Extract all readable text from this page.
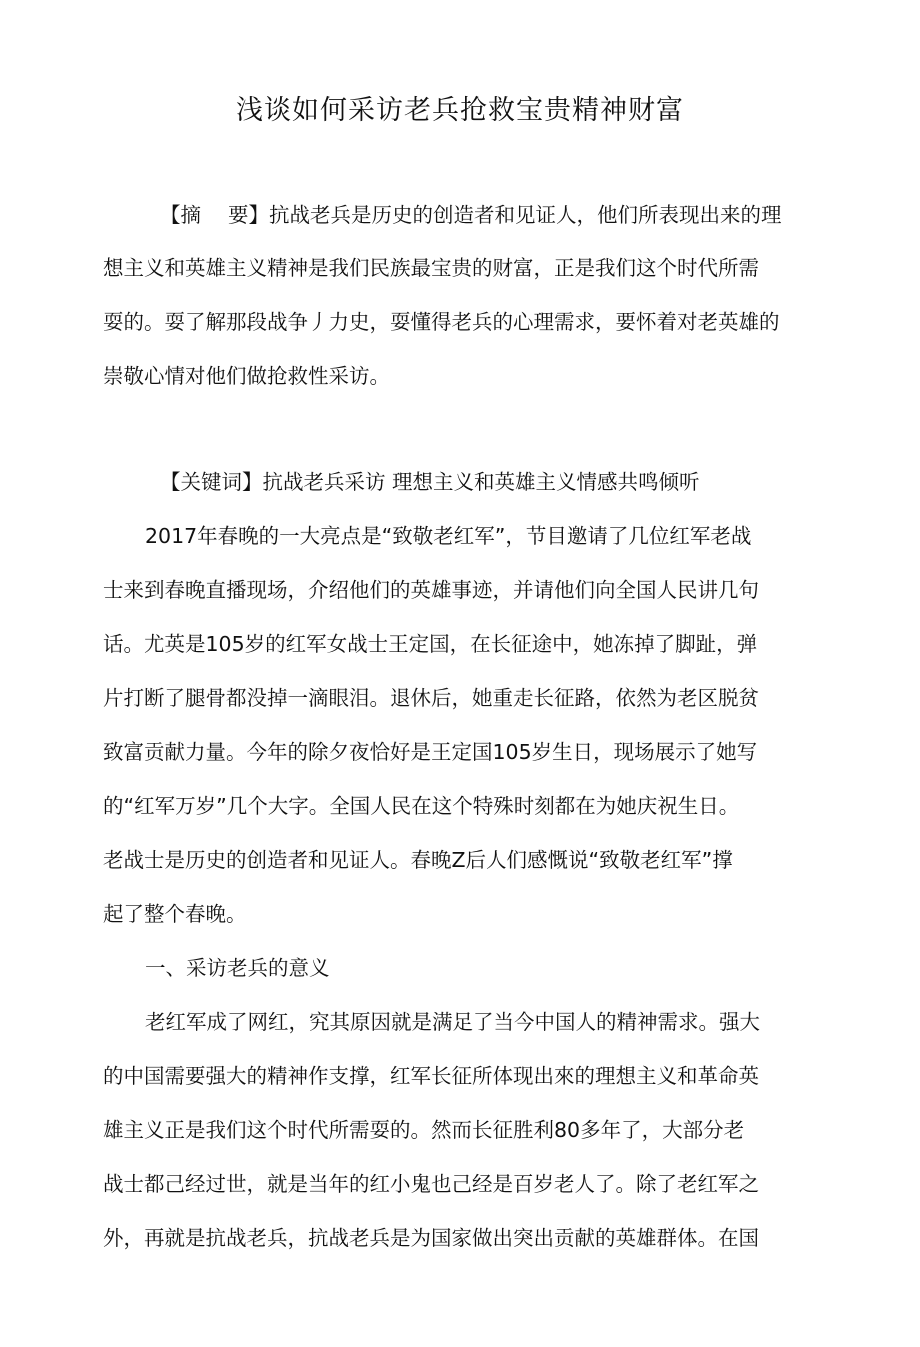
浅谈如何采访老兵抢救宝贵精神财富
【摘　 要】抗战老兵是历史的创造者和见证人，他们所表现出来的理
想主义和英雄主义精神是我们民族最宝贵的财富，正是我们这个时代所需
耍的。耍了解那段战争丿力史，耍懂得老兵的心理需求，要怀着对老英雄的
崇敬心情对他们做抢救性采访。
【关键词】抗战老兵采访 理想主义和英雄主义情感共鸣倾听
2017年春晚的一大亮点是“致敬老红军”，节目邀请了几位红军老战
士来到春晚直播现场，介绍他们的英雄事迹，并请他们向全国人民讲几句
话。尤英是105岁的红军女战士王定国，在长征途中，她冻掉了脚趾，弹
片打断了腿骨都没掉一滴眼泪。退休后，她重走长征路，依然为老区脱贫
致富贡献力量。今年的除夕夜恰好是王定国105岁生日，现场展示了她写
的“红军万岁”几个大字。全国人民在这个特殊时刻都在为她庆祝生日。
老战士是历史的创造者和见证人。春晚Z后人们感慨说“致敬老红军”撑
起了整个春晚。
一、采访老兵的意义
老红军成了网红，究其原因就是满足了当今中国人的精神需求。强大
的中国需要强大的精神作支撑，红军长征所体现出來的理想主义和革命英
雄主义正是我们这个时代所需耍的。然而长征胜利80多年了，大部分老
战士都己经过世，就是当年的红小鬼也己经是百岁老人了。除了老红军之
外，再就是抗战老兵，抗战老兵是为国家做出突出贡献的英雄群体。在国
